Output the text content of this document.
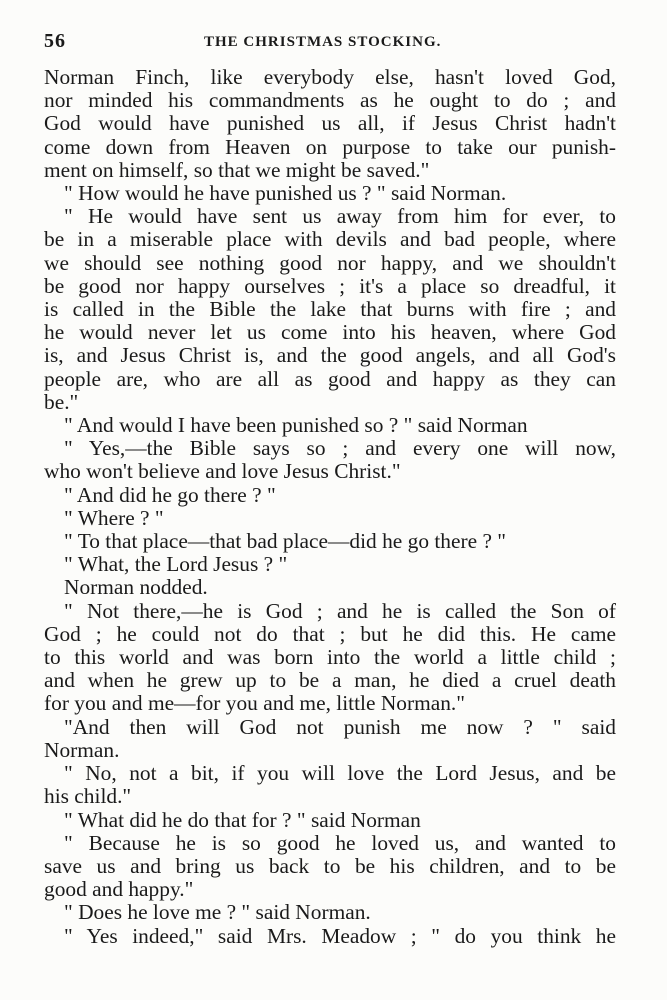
56	THE CHRISTMAS STOCKING.
Norman Finch, like everybody else, hasn't loved God,
nor minded his commandments as he ought to do ; and
God would have punished us all, if Jesus Christ hadn't
come down from Heaven on purpose to take our punish-
ment on himself, so that we might be saved."
" How would he have punished us ? " said Norman.
" He would have sent us away from him for ever, to
be in a miserable place with devils and bad people, where
we should see nothing good nor happy, and we shouldn't
be good nor happy ourselves ; it's a place so dreadful, it
is called in the Bible the lake that burns with fire ; and
he would never let us come into his heaven, where God
is, and Jesus Christ is, and the good angels, and all God's
people are, who are all as good and happy as they can
be."
" And would I have been punished so ? " said Norman
" Yes,—the Bible says so ; and every one will now,
who won't believe and love Jesus Christ."
" And did he go there ? "
" Where ? "
" To that place—that bad place—did he go there ? "
" What, the Lord Jesus ? "
Norman nodded.
" Not there,—he is God ; and he is called the Son of
God ; he could not do that ; but he did this. He came
to this world and was born into the world a little child ;
and when he grew up to be a man, he died a cruel death
for you and me—for you and me, little Norman."
"And then will God not punish me now ? " said
Norman.
" No, not a bit, if you will love the Lord Jesus, and be
his child."
" What did he do that for ? " said Norman
" Because he is so good he loved us, and wanted to
save us and bring us back to be his children, and to be
good and happy."
" Does he love me ? " said Norman.
" Yes indeed," said Mrs. Meadow ; " do you think he
